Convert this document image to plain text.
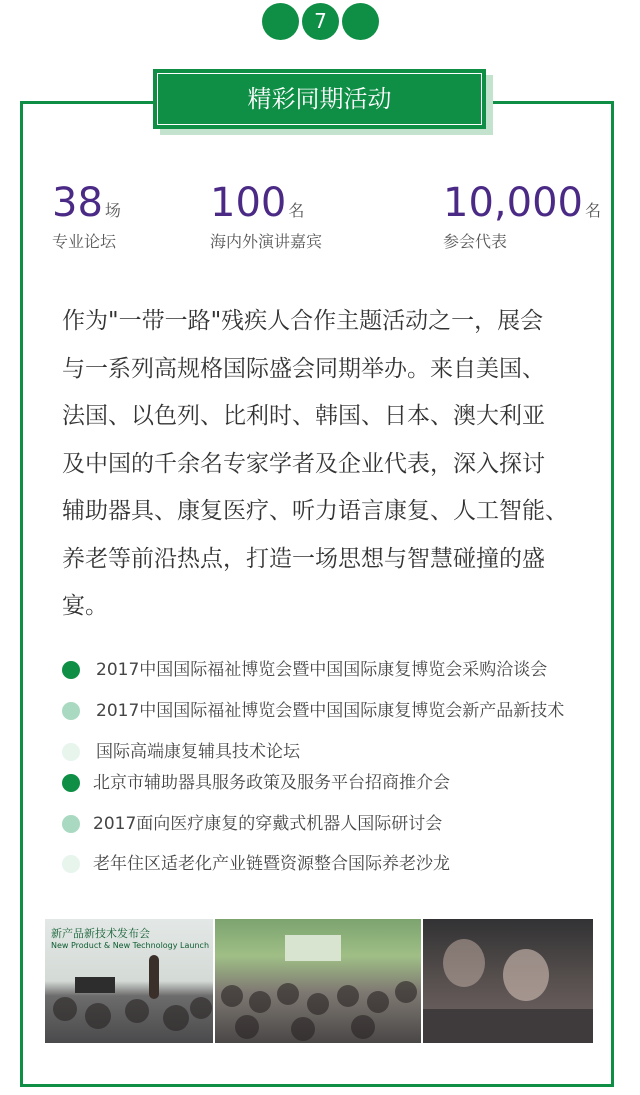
7
精彩同期活动
38 场
专业论坛
100 名
海内外演讲嘉宾
10,000 名
参会代表
作为"一带一路"残疾人合作主题活动之一，展会
与一系列高规格国际盛会同期举办。来自美国、
法国、以色列、比利时、韩国、日本、澳大利亚
及中国的千余名专家学者及企业代表，深入探讨
辅助器具、康复医疗、听力语言康复、人工智能、
养老等前沿热点，打造一场思想与智慧碰撞的盛
宴。
2017中国国际福祉博览会暨中国国际康复博览会采购洽谈会
2017中国国际福祉博览会暨中国国际康复博览会新产品新技术
国际高端康复辅具技术论坛
北京市辅助器具服务政策及服务平台招商推介会
2017面向医疗康复的穿戴式机器人国际研讨会
老年住区适老化产业链暨资源整合国际养老沙龙
新产品新技术发布会
New Product & New Technology Launch
